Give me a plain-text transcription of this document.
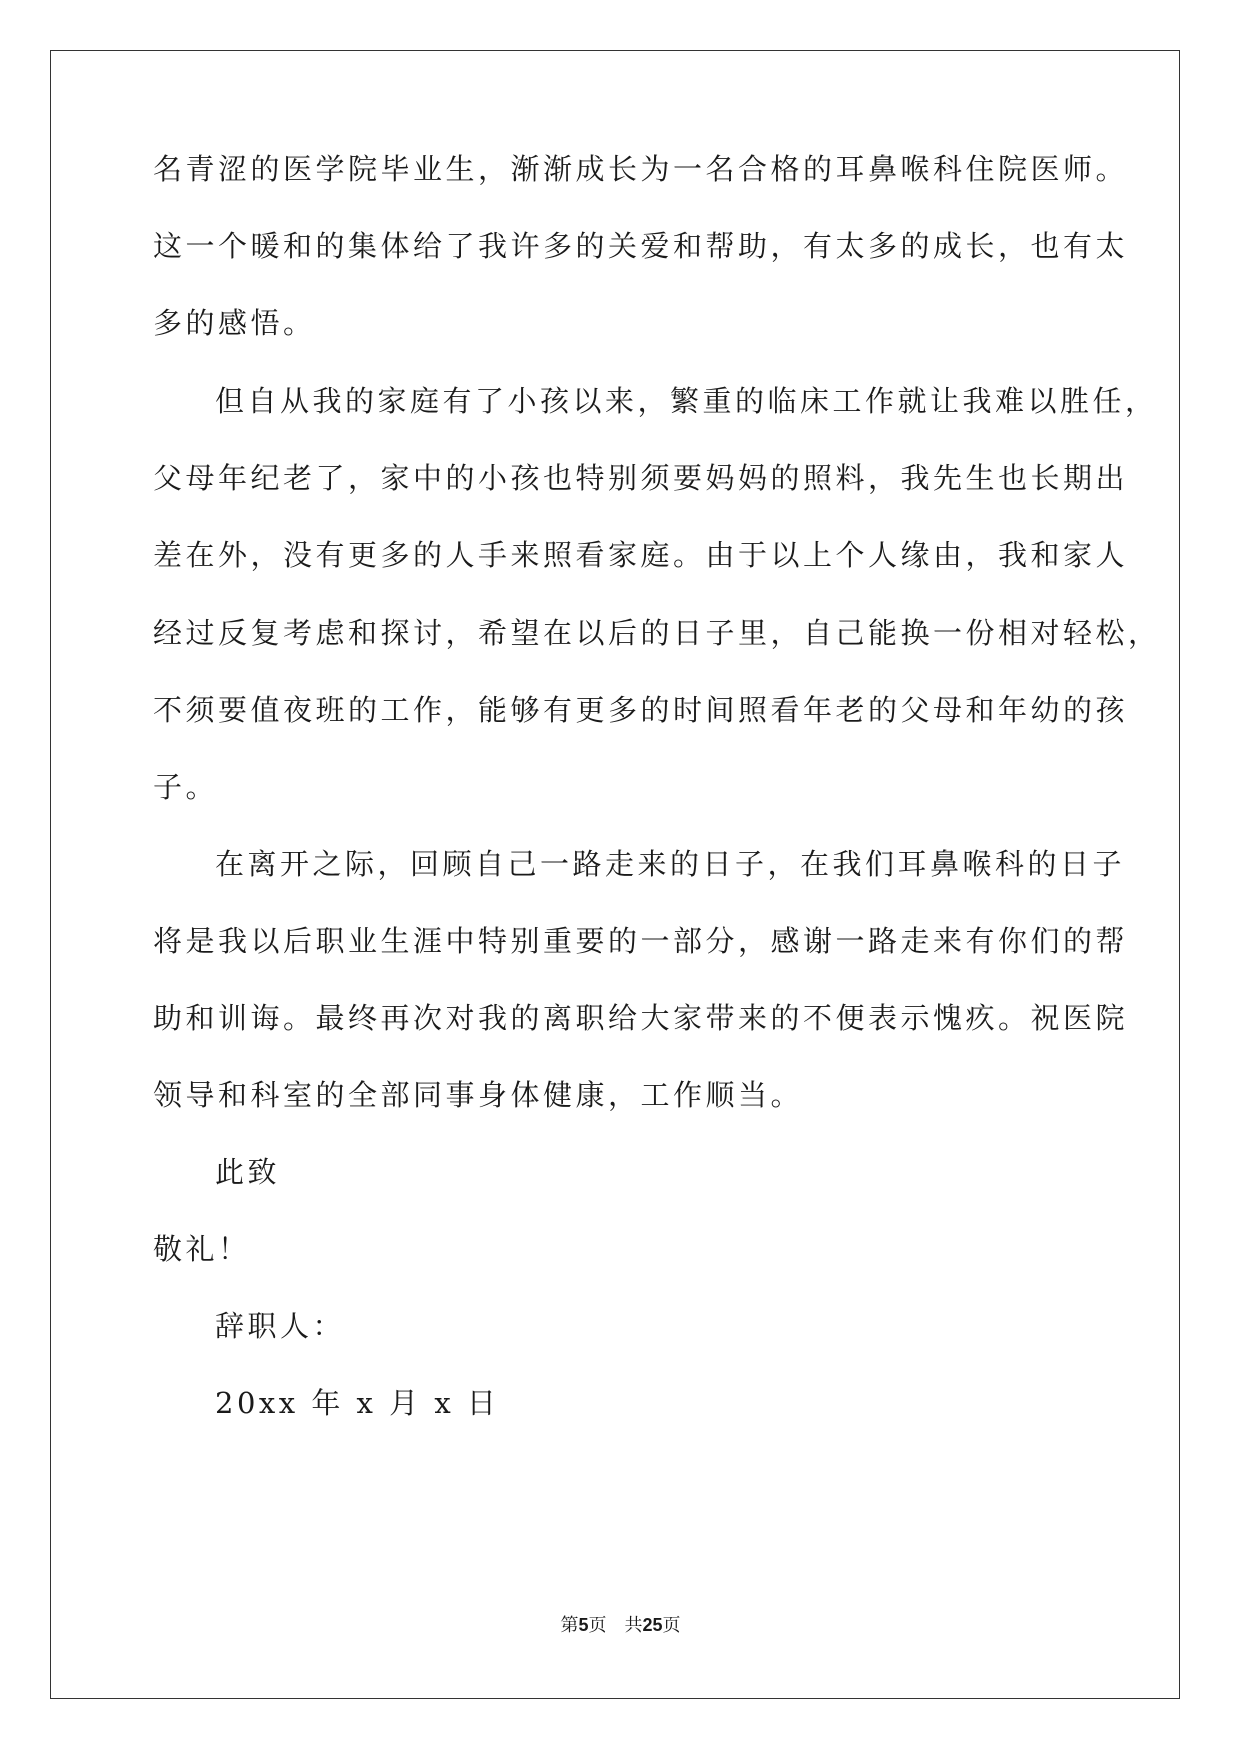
名青涩的医学院毕业生，渐渐成长为一名合格的耳鼻喉科住院医师。
这一个暖和的集体给了我许多的关爱和帮助，有太多的成长，也有太
多的感悟。
但自从我的家庭有了小孩以来，繁重的临床工作就让我难以胜任，
父母年纪老了，家中的小孩也特别须要妈妈的照料，我先生也长期出
差在外，没有更多的人手来照看家庭。由于以上个人缘由，我和家人
经过反复考虑和探讨，希望在以后的日子里，自己能换一份相对轻松，
不须要值夜班的工作，能够有更多的时间照看年老的父母和年幼的孩
子。
在离开之际，回顾自己一路走来的日子，在我们耳鼻喉科的日子
将是我以后职业生涯中特别重要的一部分，感谢一路走来有你们的帮
助和训诲。最终再次对我的离职给大家带来的不便表示愧疚。祝医院
领导和科室的全部同事身体健康，工作顺当。
此致
敬礼！
辞职人：
20xx 年 x 月 x 日
第5页 共25页
